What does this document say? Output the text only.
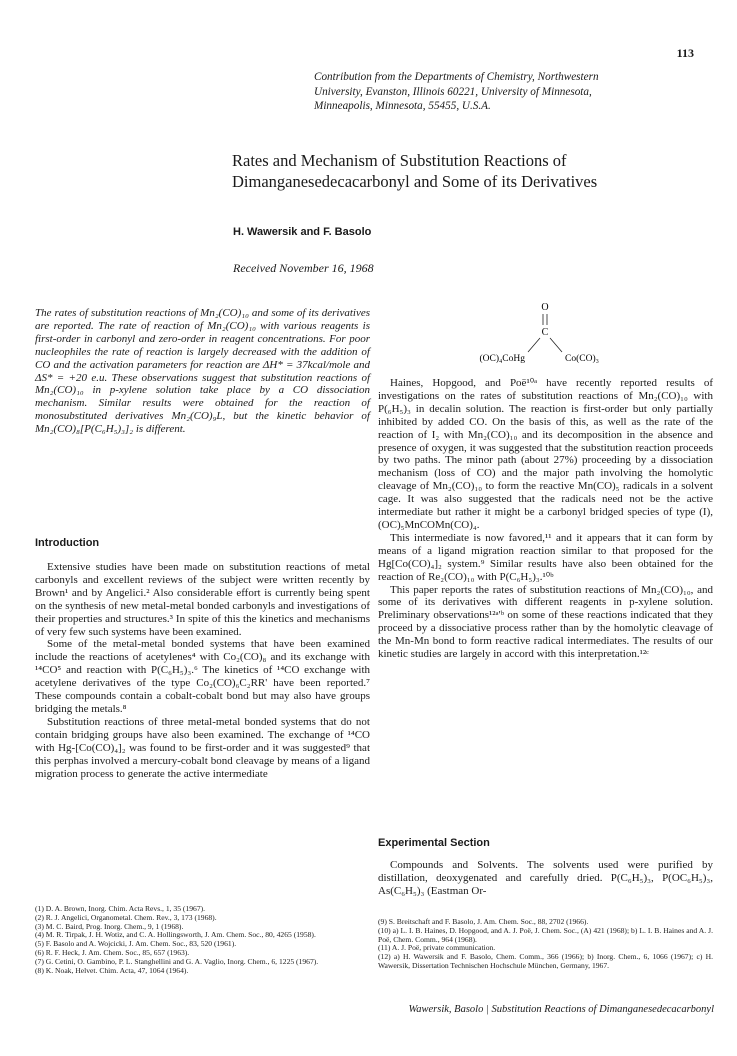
113
Contribution from the Departments of Chemistry, Northwestern
University, Evanston, Illinois 60221, University of Minnesota,
Minneapolis, Minnesota, 55455, U.S.A.
Rates and Mechanism of Substitution Reactions of
Dimanganesedecacarbonyl and Some of its Derivatives
H. Wawersik and F. Basolo
Received November 16, 1968

The rates of substitution reactions of Mn₂(CO)₁₀ and some of its derivatives are reported. The rate of reaction of Mn₂(CO)₁₀ with various reagents is first-order in carbonyl and zero-order in reagent concentrations. For poor nucleophiles the rate of reaction is largely decreased with the addition of CO and the activation parameters for reaction are ΔH* = 37kcal/mole and ΔS* = +20 e.u. These observations suggest that substitution reactions of Mn₂(CO)₁₀ in p-xylene solution take place by a CO dissociation mechanism. Similar results were obtained for the reaction of monosubstituted derivatives Mn₂(CO)₉L, but the kinetic behavior of Mn₂(CO)₈[P(C₆H₅)₃]₂ is different.

Introduction

Extensive studies have been made on substitution reactions of metal carbonyls and excellent reviews of the subject were written recently by Brown¹ and by Angelici.² Also considerable effort is currently being spent on the synthesis of new metal-metal bonded carbonyls and investigations of their properties and structures.³ In spite of this the kinetics and mechanisms of very few such systems have been examined.

Some of the metal-metal bonded systems that have been examined include the reactions of acetylenes⁴ with Co₂(CO)₈ and its exchange with ¹⁴CO⁵ and reaction with P(C₆H₅)₃.⁶ The kinetics of ¹⁴CO exchange with acetylene derivatives of the type Co₂(CO)₆C₂RR' have been reported.⁷ These compounds contain a cobalt-cobalt bond but may also have groups bridging the metals.⁸

Substitution reactions of three metal-metal bonded systems that do not contain bridging groups have also been examined. The exchange of ¹⁴CO with Hg-[Co(CO)₄]₂ was found to be first-order and it was suggested⁹ that this perphas involved a mercury-cobalt bond cleavage by means of a ligand migration process to generate the active intermediate

O
C
(OC)₄CoHg	Co(CO)₃

Haines, Hopgood, and Poë¹⁰ᵃ have recently reported results of investigations on the rates of substitution reactions of Mn₂(CO)₁₀ with P(₆H₅)₃ in decalin solution. The reaction is first-order but only partially inhibited by added CO. On the basis of this, as well as the rate of the reaction of I₂ with Mn₂(CO)₁₀ and its decomposition in the absence and presence of oxygen, it was suggested that the substitution reaction proceeds by two paths. The minor path (about 27%) proceeding by a dissociation mechanism (loss of CO) and the major path involving the homolytic cleavage of Mn₂(CO)₁₀ to form the reactive Mn(CO)₅ radicals in a solvent cage. It was also suggested that the radicals need not be the active intermediate but rather it might be a carbonyl bridged species of type (I), (OC)₅MnCOMn(CO)₄.

This intermediate is now favored,¹¹ and it appears that it can form by means of a ligand migration reaction similar to that proposed for the Hg[Co(CO)₄]₂ system.⁹ Similar results have also been obtained for the reaction of Re₂(CO)₁₀ with P(C₆H₅)₃.¹⁰ᵇ

This paper reports the rates of substitution reactions of Mn₂(CO)₁₀, and some of its derivatives with different reagents in p-xylene solution. Preliminary observations¹²ᵃ'ᵇ on some of these reactions indicated that they proceed by a dissociative process rather than by the homolytic cleavage of the Mn-Mn bond to form reactive radical intermediates. The results of our kinetic studies are largely in accord with this interpretation.¹²ᶜ

Experimental Section

Compounds and Solvents. The solvents used were purified by distillation, deoxygenated and carefully dried. P(C₆H₅)₃, P(OC₆H₅)₃, As(C₆H₅)₃ (Eastman Or-

(1) D. A. Brown, Inorg. Chim. Acta Revs., 1, 35 (1967).
(2) R. J. Angelici, Organometal. Chem. Rev., 3, 173 (1968).
(3) M. C. Baird, Prog. Inorg. Chem., 9, 1 (1968).
(4) M. R. Tirpak, J. H. Wotiz, and C. A. Hollingsworth, J. Am. Chem. Soc., 80, 4265 (1958).
(5) F. Basolo and A. Wojcicki, J. Am. Chem. Soc., 83, 520 (1961).
(6) R. F. Heck, J. Am. Chem. Soc., 85, 657 (1963).
(7) G. Cetini, O. Gambino, P. L. Stanghellini and G. A. Vaglio, Inorg. Chem., 6, 1225 (1967).
(8) K. Noak, Helvet. Chim. Acta, 47, 1064 (1964).
(9) S. Breitschaft and F. Basolo, J. Am. Chem. Soc., 88, 2702 (1966).
(10) a) L. I. B. Haines, D. Hopgood, and A. J. Poë, J. Chem. Soc., (A) 421 (1968); b) L. I. B. Haines and A. J. Poë, Chem. Comm., 964 (1968).
(11) A. J. Poë, private communication.
(12) a) H. Wawersik and F. Basolo, Chem. Comm., 366 (1966); b) Inorg. Chem., 6, 1066 (1967); c) H. Wawersik, Dissertation Technischen Hochschule München, Germany, 1967.
Wawersik, Basolo | Substitution Reactions of Dimanganesedecacarbonyl
